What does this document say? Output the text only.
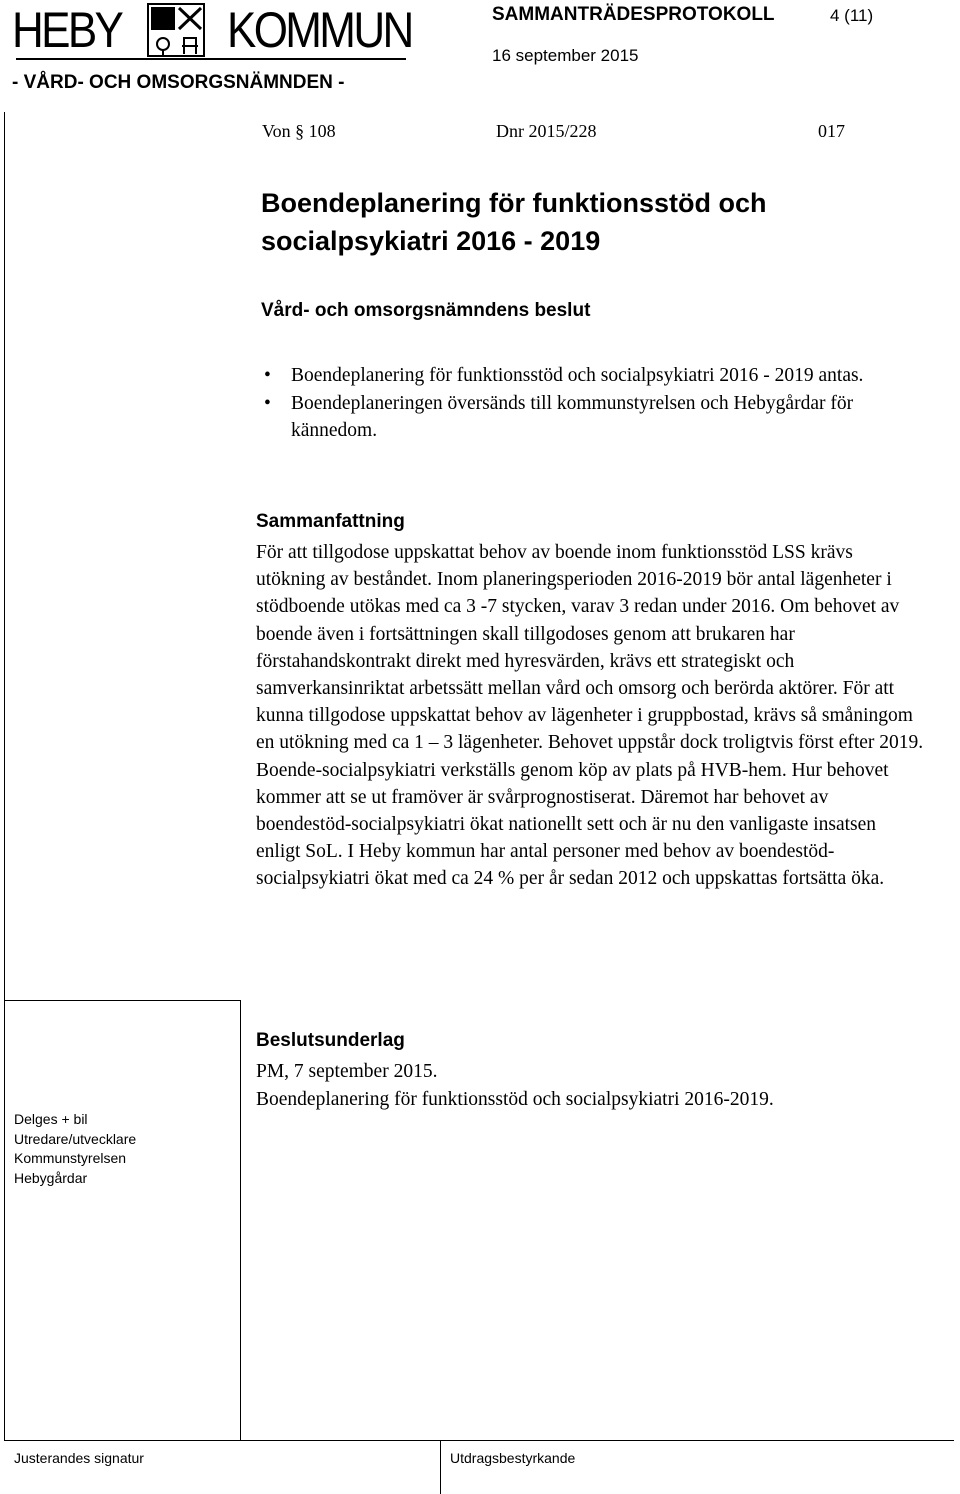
HEBY KOMMUN	SAMMANTRÄDESPROTOKOLL	4 (11)
16 september 2015
- VÅRD- OCH OMSORGSNÄMNDEN -
Von § 108	Dnr 2015/228	017
Boendeplanering för funktionsstöd och socialpsykiatri 2016 - 2019
Vård- och omsorgsnämndens beslut
• Boendeplanering för funktionsstöd och socialpsykiatri 2016 - 2019 antas.
• Boendeplaneringen översänds till kommunstyrelsen och Hebygårdar för kännedom.
Sammanfattning
För att tillgodose uppskattat behov av boende inom funktionsstöd LSS krävs utökning av beståndet. Inom planeringsperioden 2016-2019 bör antal lägenheter i stödboende utökas med ca 3 -7 stycken, varav 3 redan under 2016. Om behovet av boende även i fortsättningen skall tillgodoses genom att brukaren har förstahandskontrakt direkt med hyresvärden, krävs ett strategiskt och samverkansinriktat arbetssätt mellan vård och omsorg och berörda aktörer. För att kunna tillgodose uppskattat behov av lägenheter i gruppbostad, krävs så småningom en utökning med ca 1 – 3 lägenheter. Behovet uppstår dock troligtvis först efter 2019. Boende-socialpsykiatri verkställs genom köp av plats på HVB-hem. Hur behovet kommer att se ut framöver är svårprognostiserat. Däremot har behovet av boendestöd-socialpsykiatri ökat nationellt sett och är nu den vanligaste insatsen enligt SoL. I Heby kommun har antal personer med behov av boendestöd-socialpsykiatri ökat med ca 24 % per år sedan 2012 och uppskattas fortsätta öka.
Delges + bil
Utredare/utvecklare
Kommunstyrelsen
Hebygårdar
Beslutsunderlag
PM, 7 september 2015.
Boendeplanering för funktionsstöd och socialpsykiatri 2016-2019.
Justerandes signatur	Utdragsbestyrkande
